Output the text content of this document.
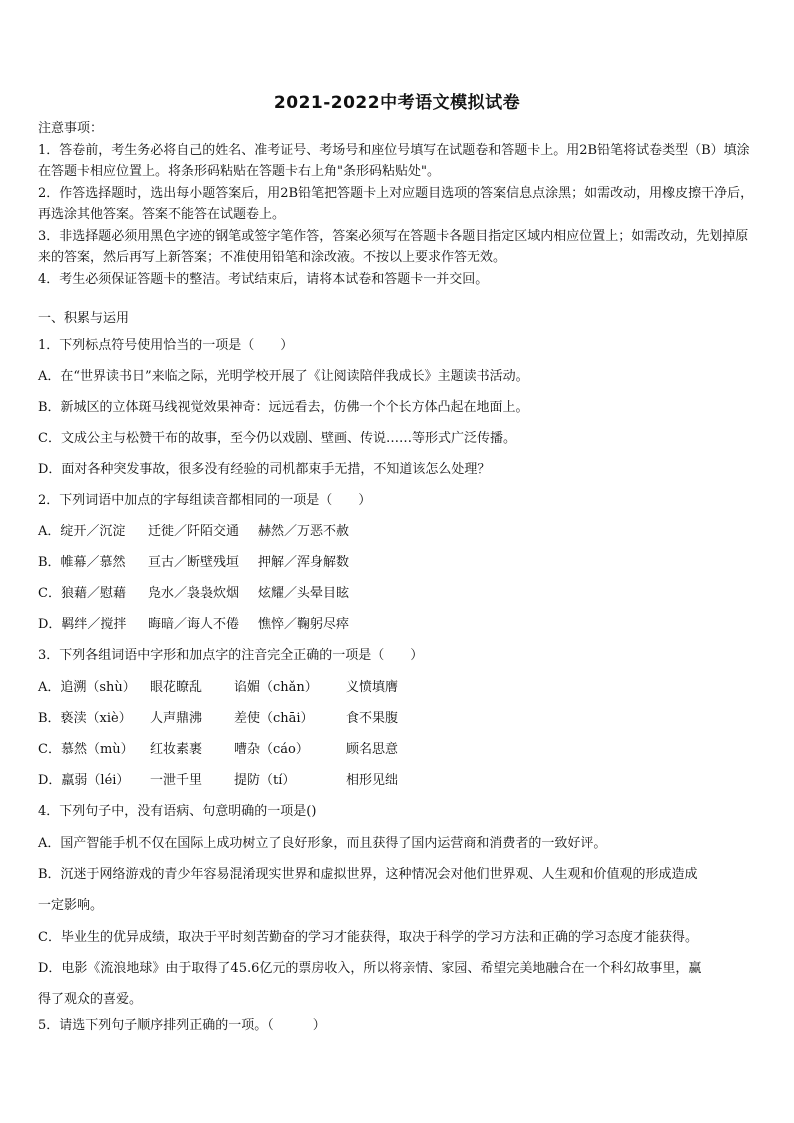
2021-2022中考语文模拟试卷
注意事项：
1．答卷前，考生务必将自己的姓名、准考证号、考场号和座位号填写在试题卷和答题卡上。用2B铅笔将试卷类型（B）填涂在答题卡相应位置上。将条形码粘贴在答题卡右上角"条形码粘贴处"。
2．作答选择题时，选出每小题答案后，用2B铅笔把答题卡上对应题目选项的答案信息点涂黑；如需改动，用橡皮擦干净后，再选涂其他答案。答案不能答在试题卷上。
3．非选择题必须用黑色字迹的钢笔或签字笔作答，答案必须写在答题卡各题目指定区域内相应位置上；如需改动，先划掉原来的答案，然后再写上新答案；不准使用铅笔和涂改液。不按以上要求作答无效。
4．考生必须保证答题卡的整洁。考试结束后，请将本试卷和答题卡一并交回。
一、积累与运用
1．下列标点符号使用恰当的一项是（　　）
A．在“世界读书日”来临之际，光明学校开展了《让阅读陪伴我成长》主题读书活动。
B．新城区的立体斑马线视觉效果神奇：远远看去，仿佛一个个长方体凸起在地面上。
C．文成公主与松赞干布的故事，至今仍以戏剧、壁画、传说……等形式广泛传播。
D．面对各种突发事故，很多没有经验的司机都束手无措，不知道该怎么处理？
2．下列词语中加点的字每组读音都相同的一项是（　　）
A．绽开／沉淀 迁徙／阡陌交通 赫然／万恶不赦
B．帷幕／慕然 亘古／断壁残垣 押解／浑身解数
C．狼藉／慰藉 凫水／袅袅炊烟 炫耀／头晕目眩
D．羁绊／搅拌 晦暗／诲人不倦 憔悴／鞠躬尽瘁
3．下列各组词语中字形和加点字的注音完全正确的一项是（　　）
A．追溯（shù） 眼花瞭乱 谄媚（chǎn） 义愤填膺
B．亵渎（xiè） 人声鼎沸 差使（chāi） 食不果腹
C．慕然（mù） 红妆素裹 嘈杂（cáo）	顾名思意
D．羸弱（léi） 一泄千里 提防（tí）	相形见绌
4．下列句子中，没有语病、句意明确的一项是()
A．国产智能手机不仅在国际上成功树立了良好形象，而且获得了国内运营商和消费者的一致好评。
B．沉迷于网络游戏的青少年容易混淆现实世界和虚拟世界，这种情况会对他们世界观、人生观和价值观的形成造成
一定影响。
C．毕业生的优异成绩，取决于平时刻苦勤奋的学习才能获得，取决于科学的学习方法和正确的学习态度才能获得。
D．电影《流浪地球》由于取得了45.6亿元的票房收入，所以将亲情、家园、希望完美地融合在一个科幻故事里，赢
得了观众的喜爱。
5．请选下列句子顺序排列正确的一项。（　　　）
